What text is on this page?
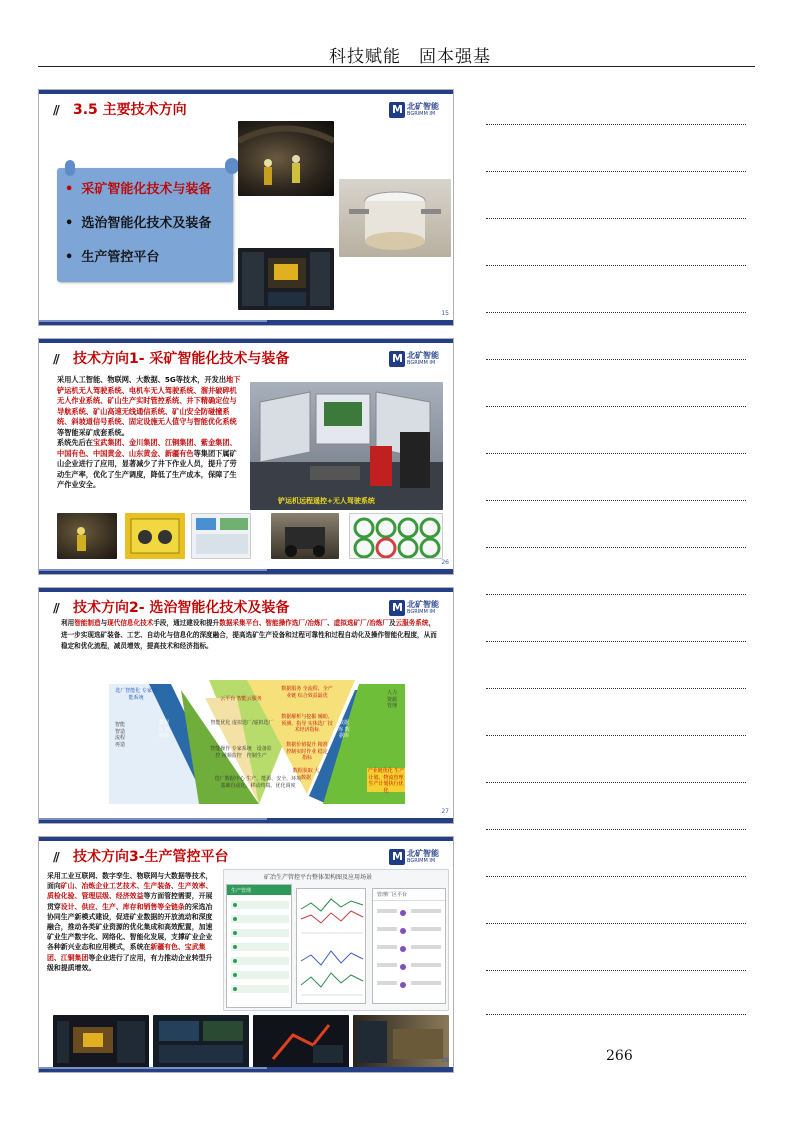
科技赋能　固本强基
// 3.5 主要技术方向 M	北矿智能
BGRIMM IM
• 采矿智能化技术与装备
• 选治智能化技术及装备
• 生产管控平台
15
// 技术方向1- 采矿智能化技术与装备 M	北矿智能
BGRIMM IM
采用人工智能、物联网、大数据、5G等技术，开发出地下铲运机无人驾驶系统、电机车无人驾驶系统、溜井破碎机无人作业系统、矿山生产实时管控系统、井下精确定位与导航系统、矿山高速无线通信系统、矿山安全防碰撞系统、斜坡道信号系统、固定设施无人值守与智能优化系统等智能采矿成套系统。
系统先后在宝武集团、金川集团、江铜集团、紫金集团、中国有色、中国黄金、山东黄金、新疆有色等集团下属矿山企业进行了应用，显著减少了井下作业人员，提升了劳动生产率，优化了生产调度，降低了生产成本，保障了生产作业安全。
铲运机远程遥控+无人驾驶系统
26
// 技术方向2- 选治智能化技术及装备 M	北矿智能
BGRIMM IM
利用智能制造与现代信息化技术手段，通过建设和提升数据采集平台、智能操作选厂/冶炼厂、虚拟选矿厂/冶炼厂及云服务系统，进一步实现选矿装备、工艺、自动化与信息化的深度融合，提高选矿生产设备和过程可靠性和过程自动化及操作智能化程度，从而稳定和优化流程，减员增效，提高技术和经济指标。
选厂智能化 专家智能系统
智能智造流程再造
数据库 数据库
云平台 智能云服务
智能优化 虚拟选厂/虚拟选厂
智能操作 专家系统　设备监控 视频监控　控制生产
选厂数据中心 生产、能源、安全、环境 基础自动化、移动终端、优化调度
数据服务 全流程、全产业链 综合效益最优
数据解析与挖掘 辅助、预测、指导 实体选厂技术经济指标
数据价值提升 精准控制实时作业 稳定指标
数据获取 大数据
数据库 数据库
人力资源管理
产业链优化 生产计划、物流管理 生产计划执行优化
27
// 技术方向3-生产管控平台 M	北矿智能
BGRIMM IM
采用工业互联网、数字孪生、物联网与大数据等技术，面向矿山、冶炼企业工艺技术、生产装备、生产效率、质检化验、管理层级、经济效益等方面管控需要，开展贯穿设计、供应、生产、库存和销售等全链条的采选冶协同生产新模式建设，促进矿业数据的开放流动和深度融合，推动各类矿业资源的优化集成和高效配置，加速矿业生产数字化、网络化、智能化发展，支撑矿业企业各种新兴业态和应用模式，系统在新疆有色、宝武集团、江铜集团等企业进行了应用，有力推动企业转型升级和提质增效。
矿冶生产管控平台整体架构图及应用场景
生产管理
管理厂区平台
28	266
